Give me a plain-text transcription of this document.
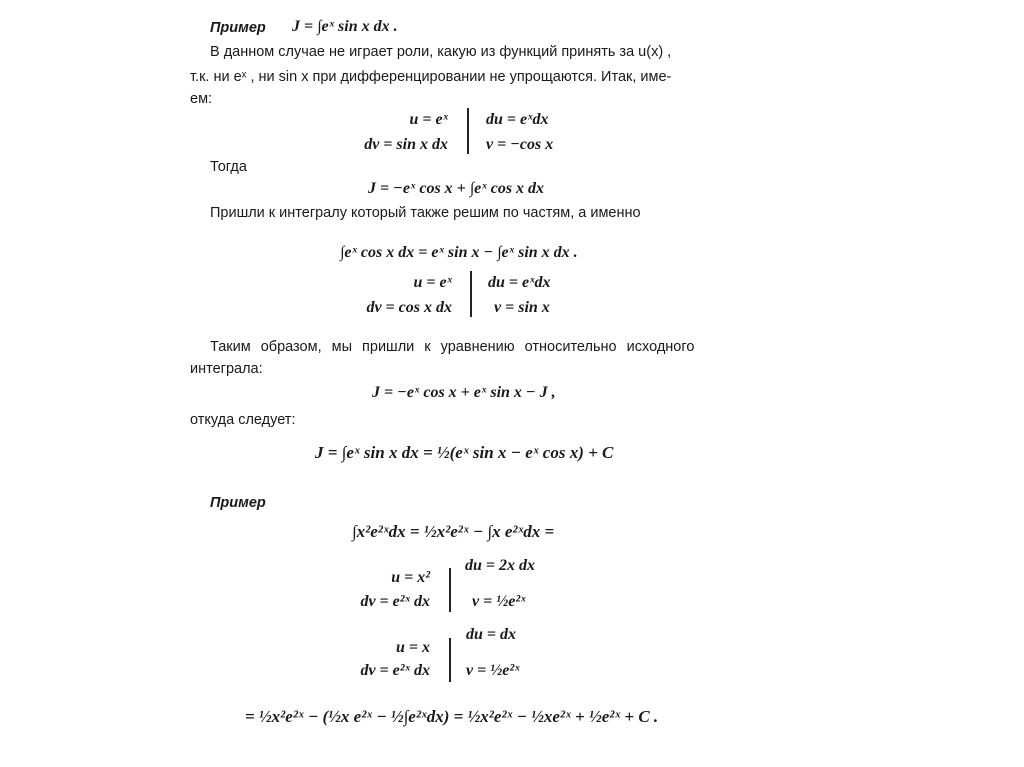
Пример J = ∫eˣ sin x dx .
В данном случае не играет роли, какую из функций принять за u(x) ,
т.к. ни eˣ , ни sin x при дифференцировании не упрощаются. Итак, име-
ем:
u = eˣ
dv = sin x dx
du = eˣdx
v = −cos x
Тогда
J = −eˣ cos x + ∫eˣ cos x dx
Пришли к интегралу который также решим по частям, а именно
∫eˣ cos x dx = eˣ sin x − ∫eˣ sin x dx .
u = eˣ
dv = cos x dx
du = eˣdx
v = sin x
Таким образом, мы пришли к уравнению относительно исходного
интеграла:
J = −eˣ cos x + eˣ sin x − J ,
откуда следует:
J = ∫eˣ sin x dx = ½(eˣ sin x − eˣ cos x) + C
Пример
∫x²e²ˣdx = ½x²e²ˣ − ∫x e²ˣdx =
u = x²
dv = e²ˣ dx
du = 2x dx
v = ½e²ˣ
u = x
dv = e²ˣ dx
du = dx
v = ½e²ˣ
= ½x²e²ˣ − (½x e²ˣ − ½∫e²ˣdx) = ½x²e²ˣ − ½xe²ˣ + ½e²ˣ + C .
